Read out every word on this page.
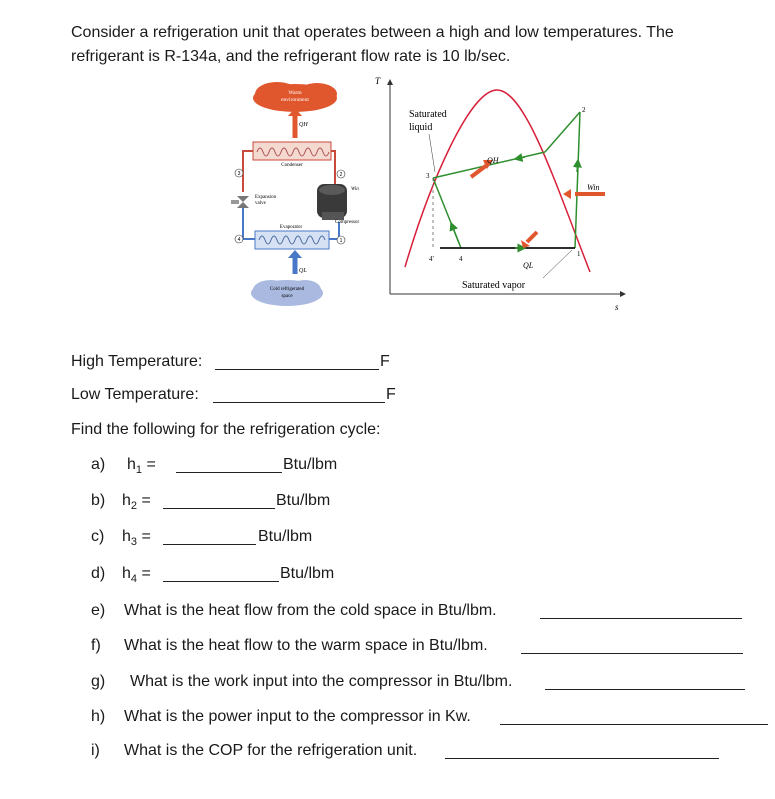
Consider a refrigeration unit that operates between a high and low temperatures. The
refrigerant is R-134a, and the refrigerant flow rate is 10 lb/sec.
Warm
environment
QH
Condenser
Expansion
valve
Win
Compressor
Evaporator
QL
Cold refrigerated
space
3	2
4	1
T
s
QH
QL
Win
2
3
4'	4
1
Saturated
liquid
Saturated vapor
High Temperature:	F
Low Temperature:	F
Find the following for the refrigeration cycle:
a) $h_1$ =	Btu/lbm
b) $h_2$ =	Btu/lbm
c) $h_3$ =	Btu/lbm
d) $h_4$ =	Btu/lbm
e) What is the heat flow from the cold space in Btu/lbm.
f) What is the heat flow to the warm space in Btu/lbm.
g) What is the work input into the compressor in Btu/lbm.
h) What is the power input to the compressor in Kw.
i) What is the COP for the refrigeration unit.
